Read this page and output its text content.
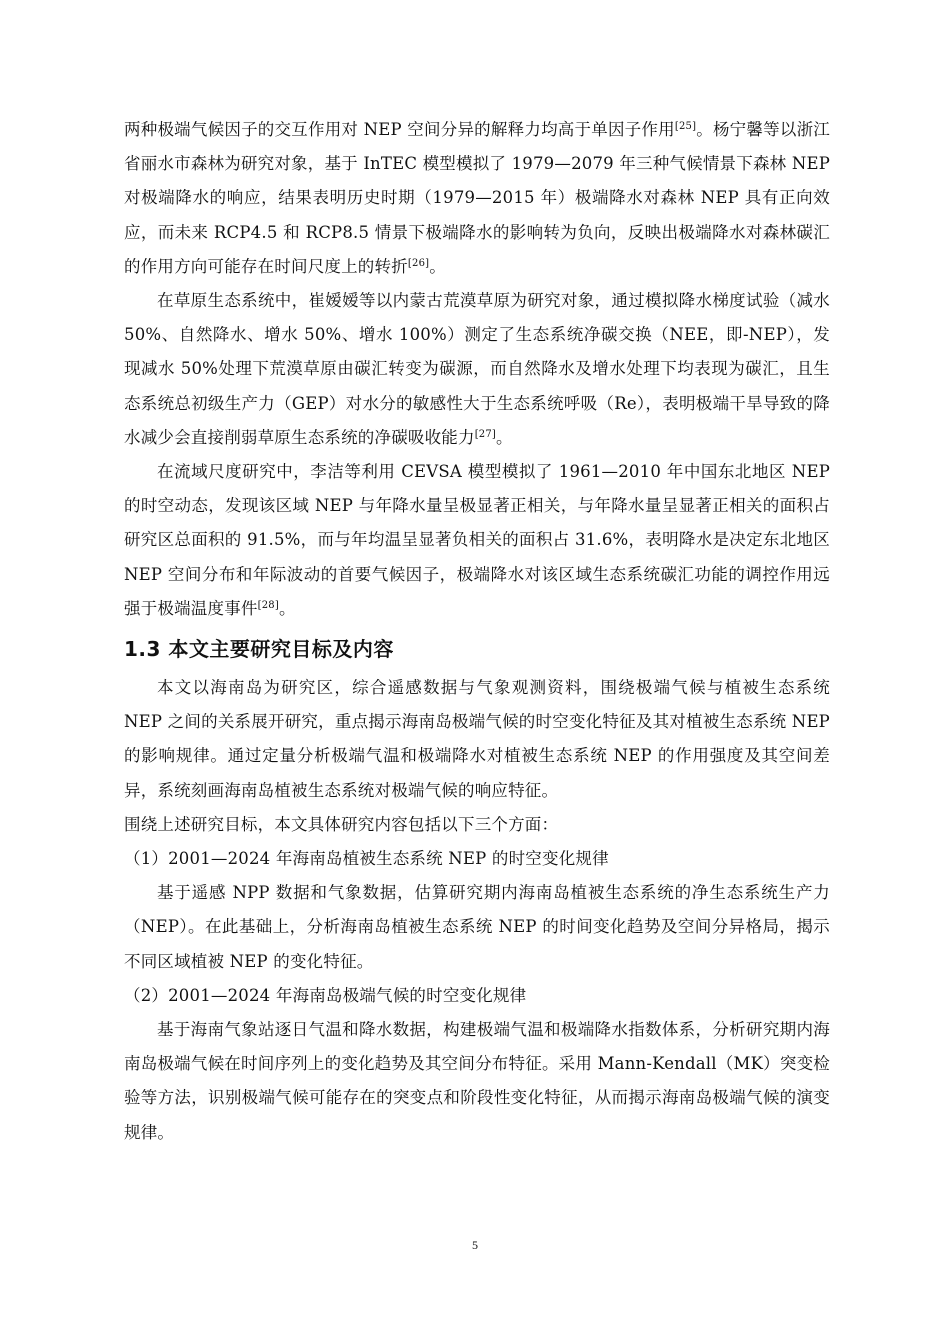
两种极端气候因子的交互作用对 NEP 空间分异的解释力均高于单因子作用[25]。杨宁馨等以浙江省丽水市森林为研究对象，基于 InTEC 模型模拟了 1979—2079 年三种气候情景下森林 NEP 对极端降水的响应，结果表明历史时期（1979—2015 年）极端降水对森林 NEP 具有正向效应，而未来 RCP4.5 和 RCP8.5 情景下极端降水的影响转为负向，反映出极端降水对森林碳汇的作用方向可能存在时间尺度上的转折[26]。

在草原生态系统中，崔嫒嫒等以内蒙古荒漠草原为研究对象，通过模拟降水梯度试验（减水 50%、自然降水、增水 50%、增水 100%）测定了生态系统净碳交换（NEE，即-NEP），发现减水 50%处理下荒漠草原由碳汇转变为碳源，而自然降水及增水处理下均表现为碳汇，且生态系统总初级生产力（GEP）对水分的敏感性大于生态系统呼吸（Re），表明极端干旱导致的降水减少会直接削弱草原生态系统的净碳吸收能力[27]。

在流域尺度研究中，李洁等利用 CEVSA 模型模拟了 1961—2010 年中国东北地区 NEP 的时空动态，发现该区域 NEP 与年降水量呈极显著正相关，与年降水量呈显著正相关的面积占研究区总面积的 91.5%，而与年均温呈显著负相关的面积占 31.6%，表明降水是决定东北地区 NEP 空间分布和年际波动的首要气候因子，极端降水对该区域生态系统碳汇功能的调控作用远强于极端温度事件[28]。

1.3 本文主要研究目标及内容

本文以海南岛为研究区，综合遥感数据与气象观测资料，围绕极端气候与植被生态系统 NEP 之间的关系展开研究，重点揭示海南岛极端气候的时空变化特征及其对植被生态系统 NEP 的影响规律。通过定量分析极端气温和极端降水对植被生态系统 NEP 的作用强度及其空间差异，系统刻画海南岛植被生态系统对极端气候的响应特征。

围绕上述研究目标，本文具体研究内容包括以下三个方面：

（1）2001—2024 年海南岛植被生态系统 NEP 的时空变化规律

基于遥感 NPP 数据和气象数据，估算研究期内海南岛植被生态系统的净生态系统生产力（NEP）。在此基础上，分析海南岛植被生态系统 NEP 的时间变化趋势及空间分异格局，揭示不同区域植被 NEP 的变化特征。

（2）2001—2024 年海南岛极端气候的时空变化规律

基于海南气象站逐日气温和降水数据，构建极端气温和极端降水指数体系，分析研究期内海南岛极端气候在时间序列上的变化趋势及其空间分布特征。采用 Mann-Kendall（MK）突变检验等方法，识别极端气候可能存在的突变点和阶段性变化特征，从而揭示海南岛极端气候的演变规律。

5
